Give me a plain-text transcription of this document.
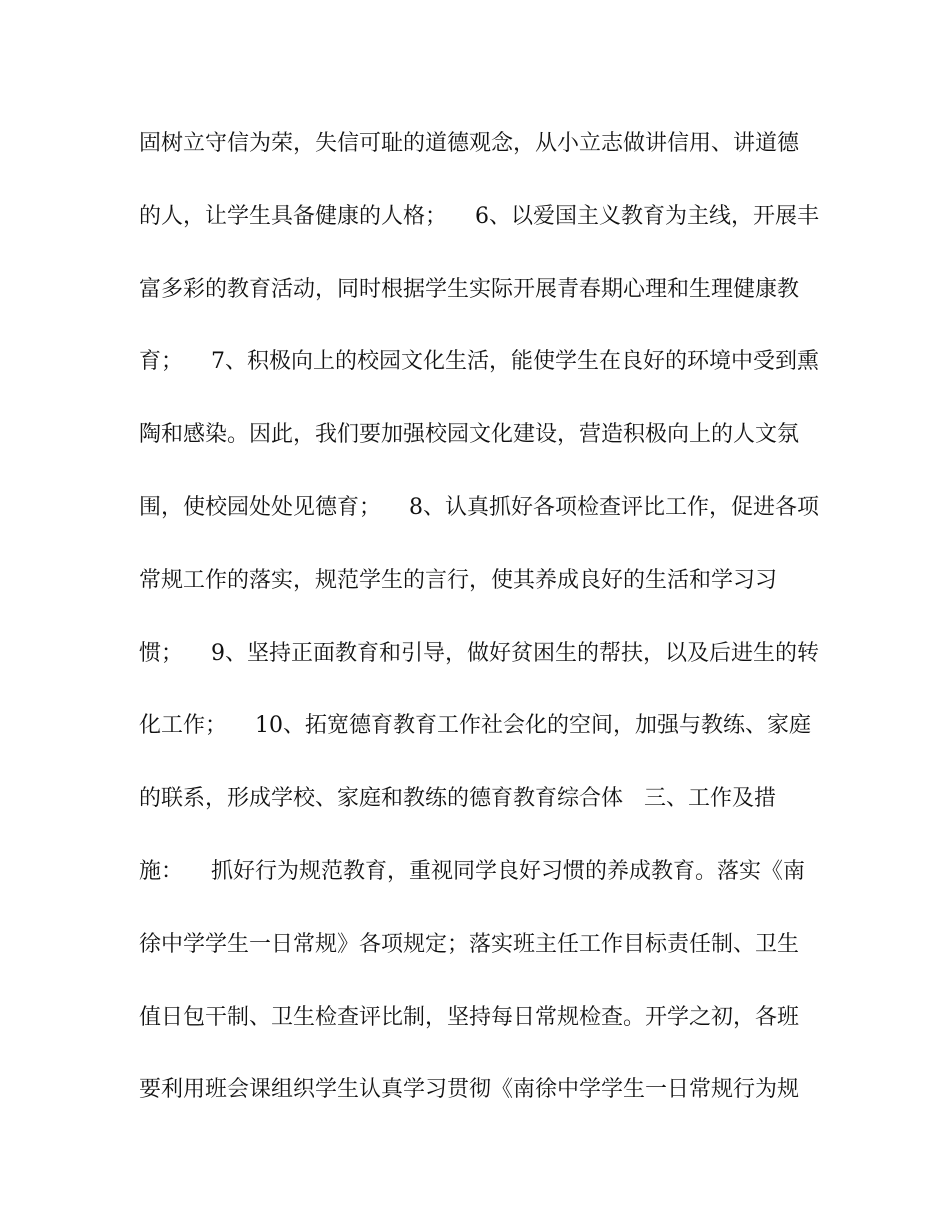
固树立守信为荣，失信可耻的道德观念，从小立志做讲信用、讲道德
的人，让学生具备健康的人格；    6、以爱国主义教育为主线，开展丰
富多彩的教育活动，同时根据学生实际开展青春期心理和生理健康教
育；    7、积极向上的校园文化生活，能使学生在良好的环境中受到熏
陶和感染。因此，我们要加强校园文化建设，营造积极向上的人文氛
围，使校园处处见德育；    8、认真抓好各项检查评比工作，促进各项
常规工作的落实，规范学生的言行，使其养成良好的生活和学习习
惯；    9、坚持正面教育和引导，做好贫困生的帮扶，以及后进生的转
化工作；    10、拓宽德育教育工作社会化的空间，加强与教练、家庭
的联系，形成学校、家庭和教练的德育教育综合体   三、工作及措
施：    抓好行为规范教育，重视同学良好习惯的养成教育。落实《南
徐中学学生一日常规》各项规定；落实班主任工作目标责任制、卫生
值日包干制、卫生检查评比制，坚持每日常规检查。开学之初，各班
要利用班会课组织学生认真学习贯彻《南徐中学学生一日常规行为规
